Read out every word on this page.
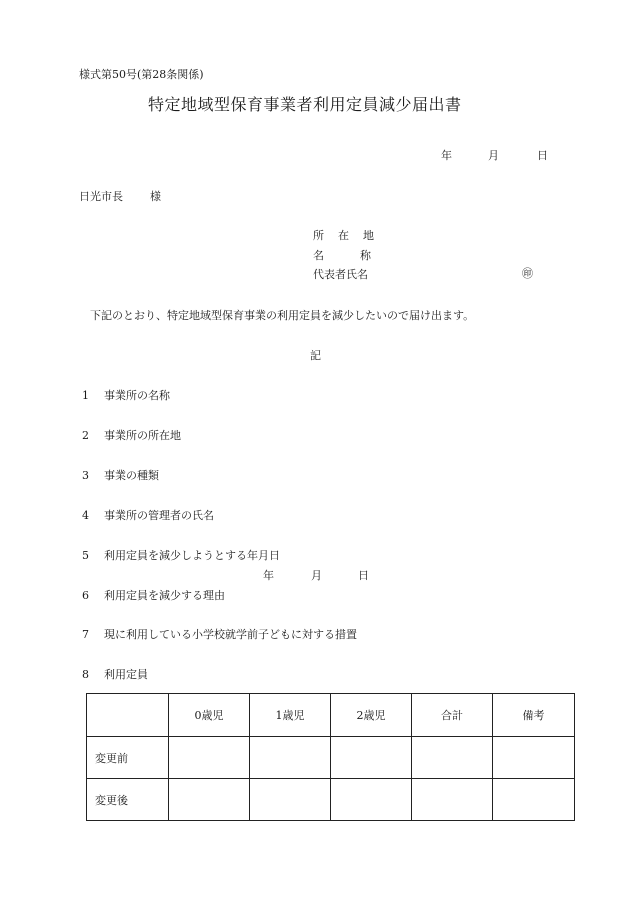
様式第50号(第28条関係)
特定地域型保育事業者利用定員減少届出書
年	月	日
日光市長 様
所 在 地
名	称
代表者氏名	㊞
下記のとおり、特定地域型保育事業の利用定員を減少したいので届け出ます。
記
1 事業所の名称
2 事業所の所在地
3 事業の種類
4 事業所の管理者の氏名
5 利用定員を減少しようとする年月日
年	月	日
6 利用定員を減少する理由
7 現に利用している小学校就学前子どもに対する措置
8 利用定員
	0歳児	1歳児	2歳児	合計	備考
変更前					
変更後					
